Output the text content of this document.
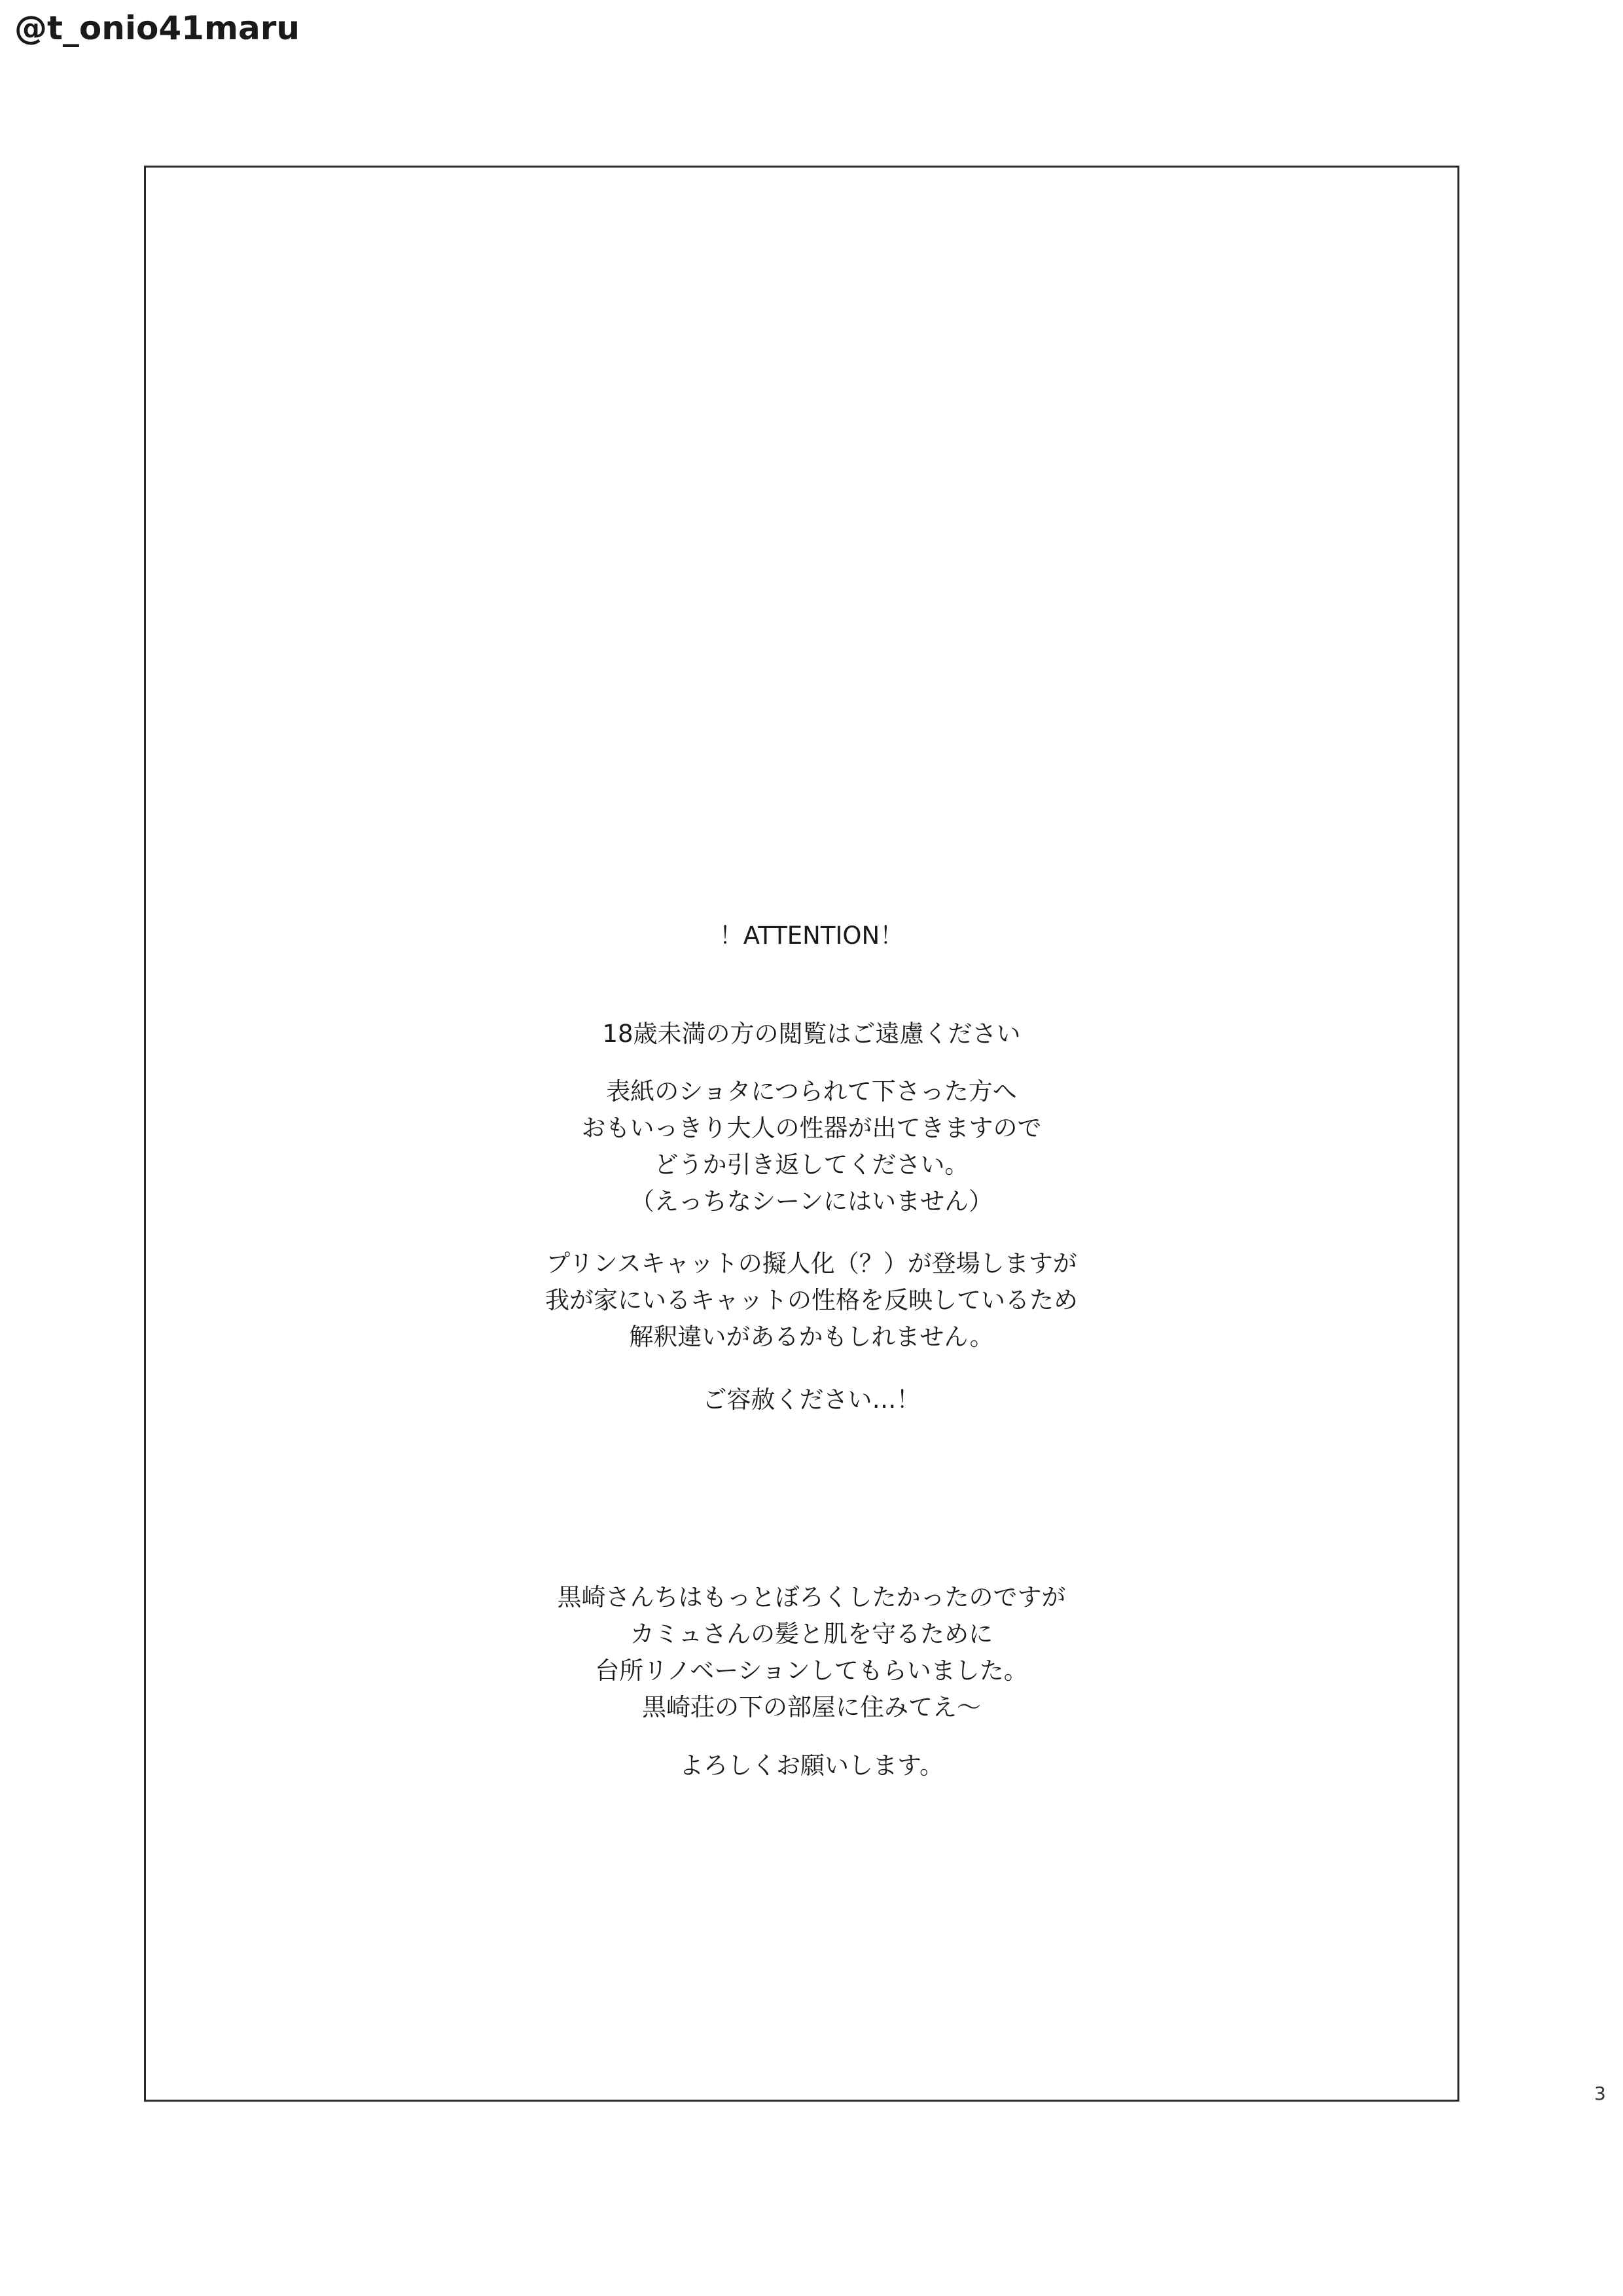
@t_onio41maru
！ATTENTION！
18歳未満の方の閲覧はご遠慮ください
表紙のショタにつられて下さった方へ
おもいっきり大人の性器が出てきますので
どうか引き返してください。
（えっちなシーンにはいません）
プリンスキャットの擬人化（？）が登場しますが
我が家にいるキャットの性格を反映しているため
解釈違いがあるかもしれません。
ご容赦ください…！
黒崎さんちはもっとぼろくしたかったのですが
カミュさんの髪と肌を守るために
台所リノベーションしてもらいました。
黒崎荘の下の部屋に住みてえ～
よろしくお願いします。
3
